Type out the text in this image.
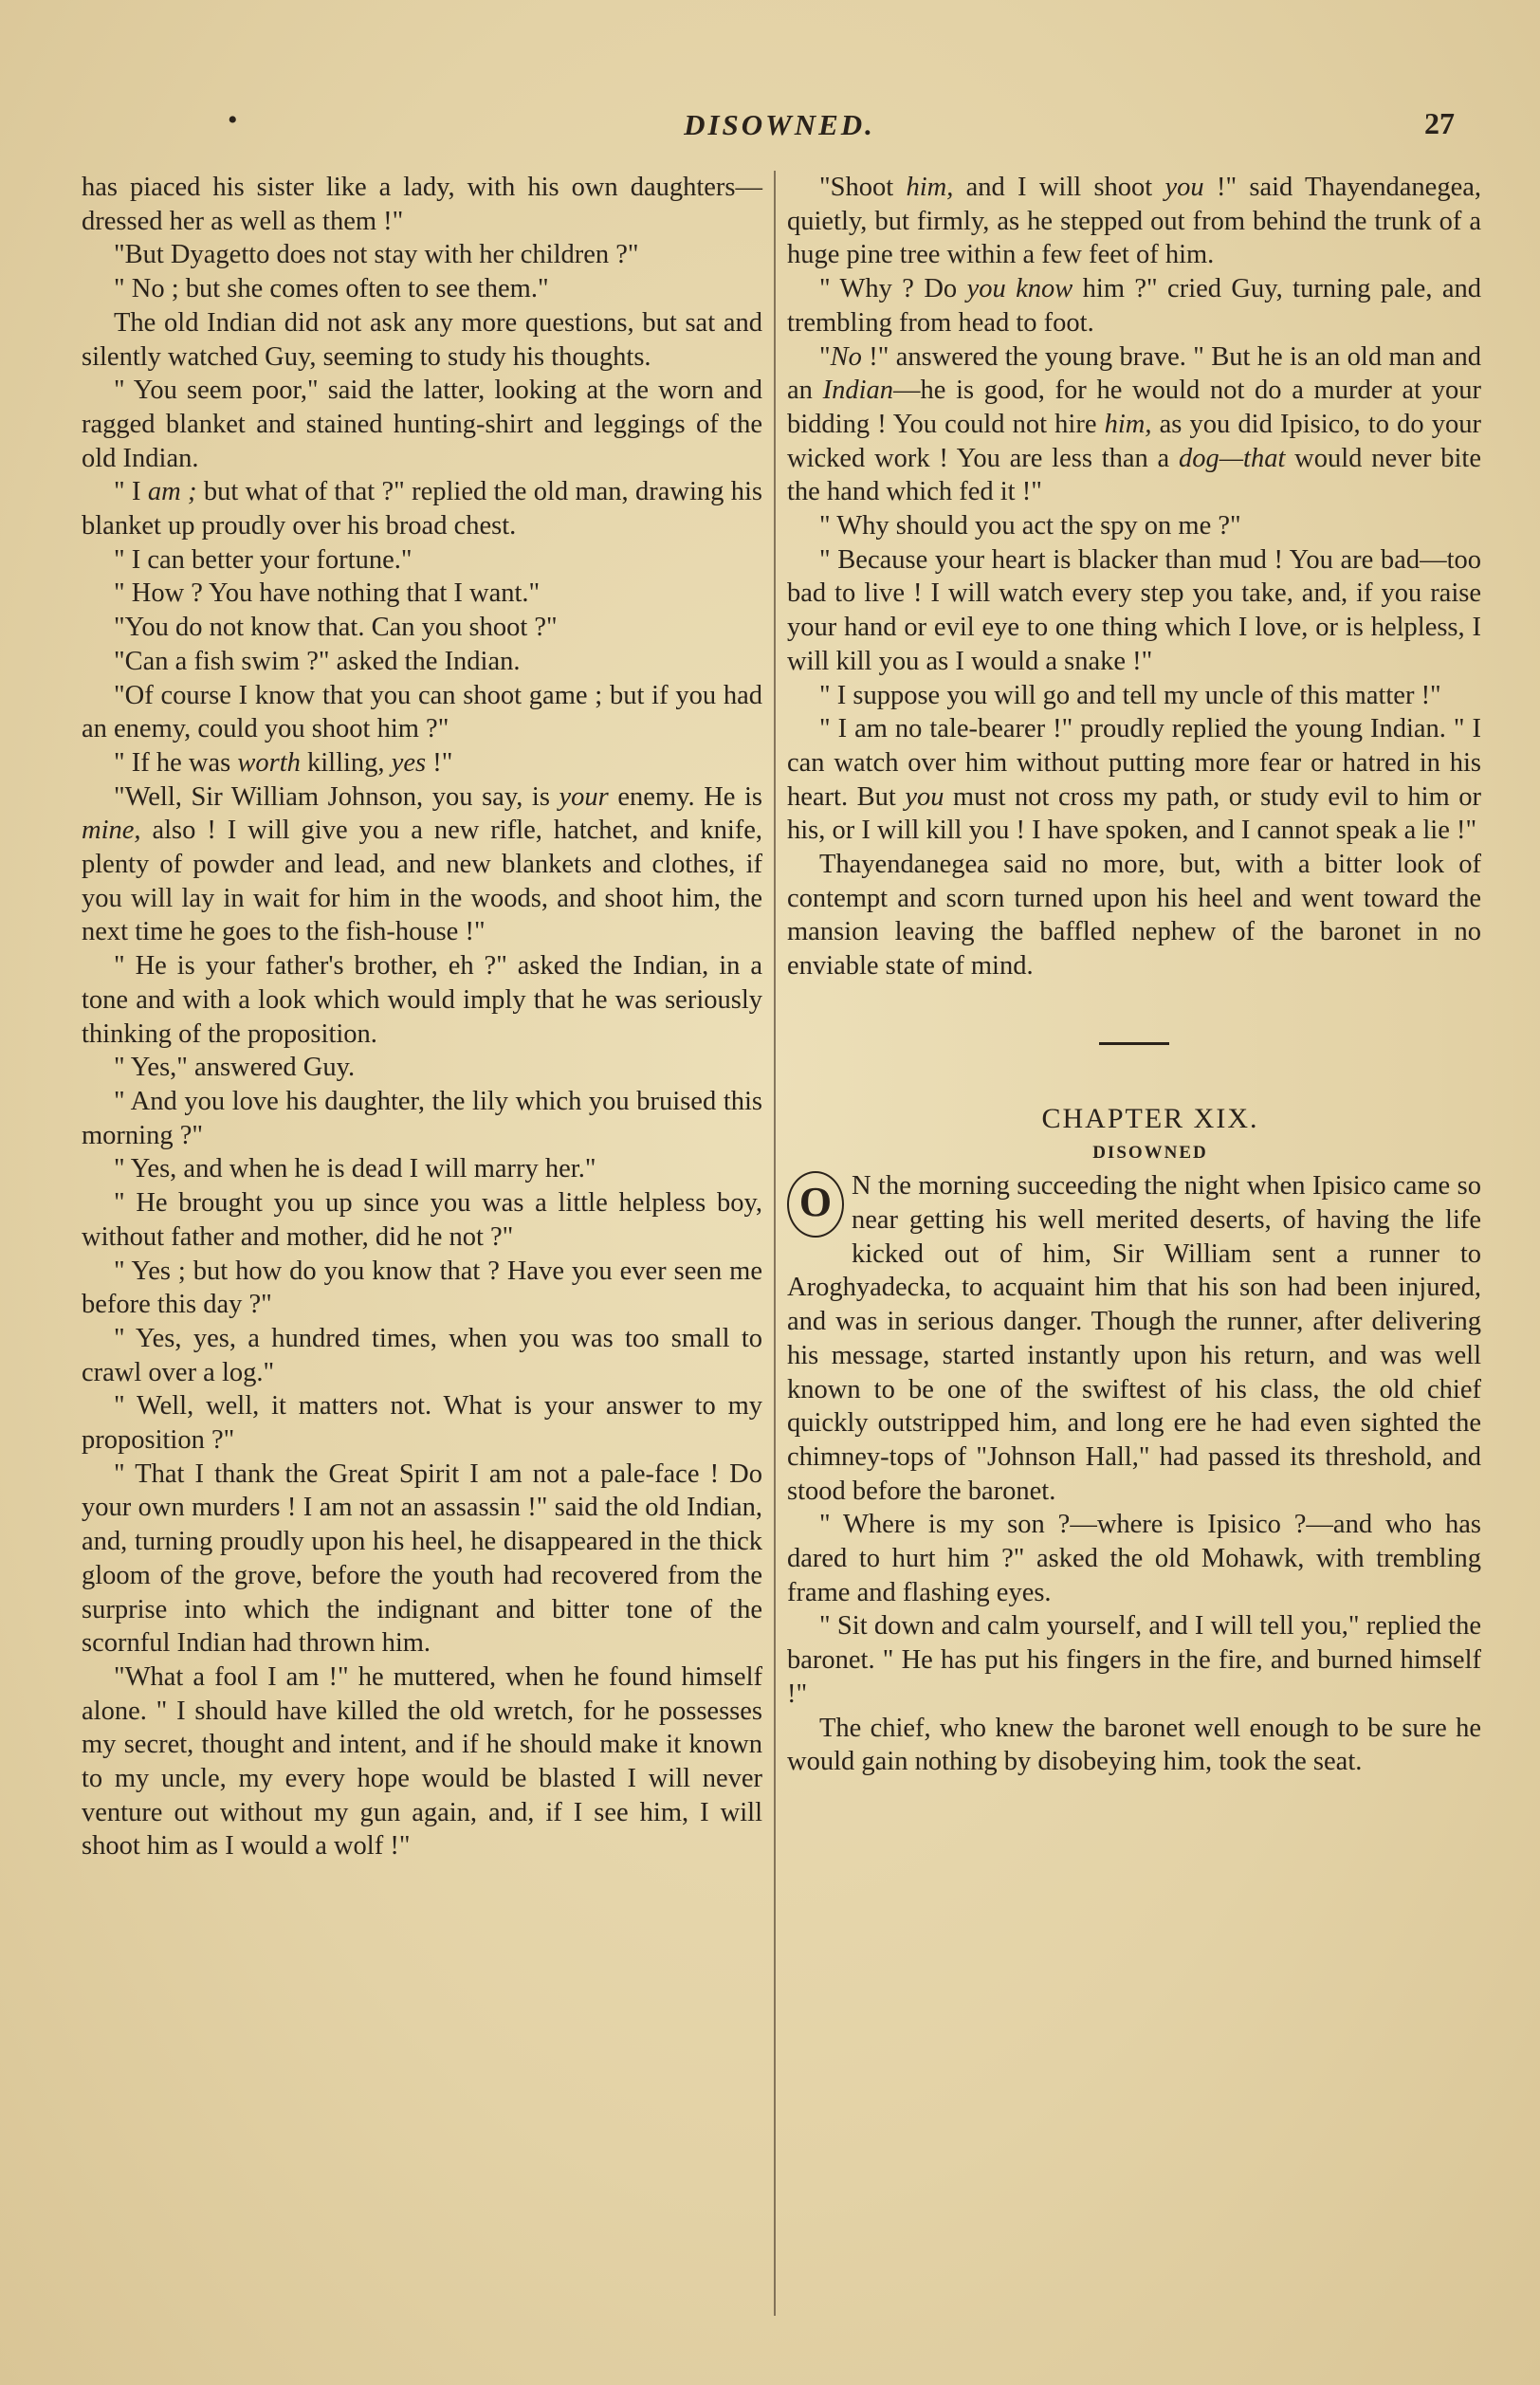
•	DISOWNED.	27

has piaced his sister like a lady, with his own daughters—dressed her as well as them !"

"But Dyagetto does not stay with her children ?"

" No ; but she comes often to see them."

The old Indian did not ask any more questions, but sat and silently watched Guy, seeming to study his thoughts.

" You seem poor," said the latter, looking at the worn and ragged blanket and stained hunting-shirt and leggings of the old Indian.

" I am ; but what of that ?" replied the old man, drawing his blanket up proudly over his broad chest.

" I can better your fortune."

" How ? You have nothing that I want."

"You do not know that. Can you shoot ?"

"Can a fish swim ?" asked the Indian.

"Of course I know that you can shoot game ; but if you had an enemy, could you shoot him ?"

" If he was worth killing, yes !"

"Well, Sir William Johnson, you say, is your enemy. He is mine, also ! I will give you a new rifle, hatchet, and knife, plenty of powder and lead, and new blankets and clothes, if you will lay in wait for him in the woods, and shoot him, the next time he goes to the fish-house !"

" He is your father's brother, eh ?" asked the Indian, in a tone and with a look which would imply that he was seriously thinking of the proposition.

" Yes," answered Guy.

" And you love his daughter, the lily which you bruised this morning ?"

" Yes, and when he is dead I will marry her."

" He brought you up since you was a little helpless boy, without father and mother, did he not ?"

" Yes ; but how do you know that ? Have you ever seen me before this day ?"

" Yes, yes, a hundred times, when you was too small to crawl over a log."

" Well, well, it matters not. What is your answer to my proposition ?"

" That I thank the Great Spirit I am not a pale-face ! Do your own murders ! I am not an assassin !" said the old Indian, and, turning proudly upon his heel, he disappeared in the thick gloom of the grove, before the youth had recovered from the surprise into which the indignant and bitter tone of the scornful Indian had thrown him.

"What a fool I am !" he muttered, when he found himself alone. " I should have killed the old wretch, for he possesses my secret, thought and intent, and if he should make it known to my uncle, my every hope would be blasted I will never venture out without my gun again, and, if I see him, I will shoot him as I would a wolf !"

"Shoot him, and I will shoot you !" said Thayendanegea, quietly, but firmly, as he stepped out from behind the trunk of a huge pine tree within a few feet of him.

" Why ? Do you know him ?" cried Guy, turning pale, and trembling from head to foot.

"No !" answered the young brave. " But he is an old man and an Indian—he is good, for he would not do a murder at your bidding ! You could not hire him, as you did Ipisico, to do your wicked work ! You are less than a dog—that would never bite the hand which fed it !"

" Why should you act the spy on me ?"

" Because your heart is blacker than mud ! You are bad—too bad to live ! I will watch every step you take, and, if you raise your hand or evil eye to one thing which I love, or is helpless, I will kill you as I would a snake !"

" I suppose you will go and tell my uncle of this matter !"

" I am no tale-bearer !" proudly replied the young Indian. " I can watch over him without putting more fear or hatred in his heart. But you must not cross my path, or study evil to him or his, or I will kill you ! I have spoken, and I cannot speak a lie !"

Thayendanegea said no more, but, with a bitter look of contempt and scorn turned upon his heel and went toward the mansion leaving the baffled nephew of the baronet in no enviable state of mind.

CHAPTER XIX.

DISOWNED

O N the morning succeeding the night when Ipisico came so near getting his well merited deserts, of having the life kicked out of him, Sir William sent a runner to Aroghyadecka, to acquaint him that his son had been injured, and was in serious danger. Though the runner, after delivering his message, started instantly upon his return, and was well known to be one of the swiftest of his class, the old chief quickly outstripped him, and long ere he had even sighted the chimney-tops of "Johnson Hall," had passed its threshold, and stood before the baronet.

" Where is my son ?—where is Ipisico ?—and who has dared to hurt him ?" asked the old Mohawk, with trembling frame and flashing eyes.

" Sit down and calm yourself, and I will tell you," replied the baronet. " He has put his fingers in the fire, and burned himself !"

The chief, who knew the baronet well enough to be sure he would gain nothing by disobeying him, took the seat.
